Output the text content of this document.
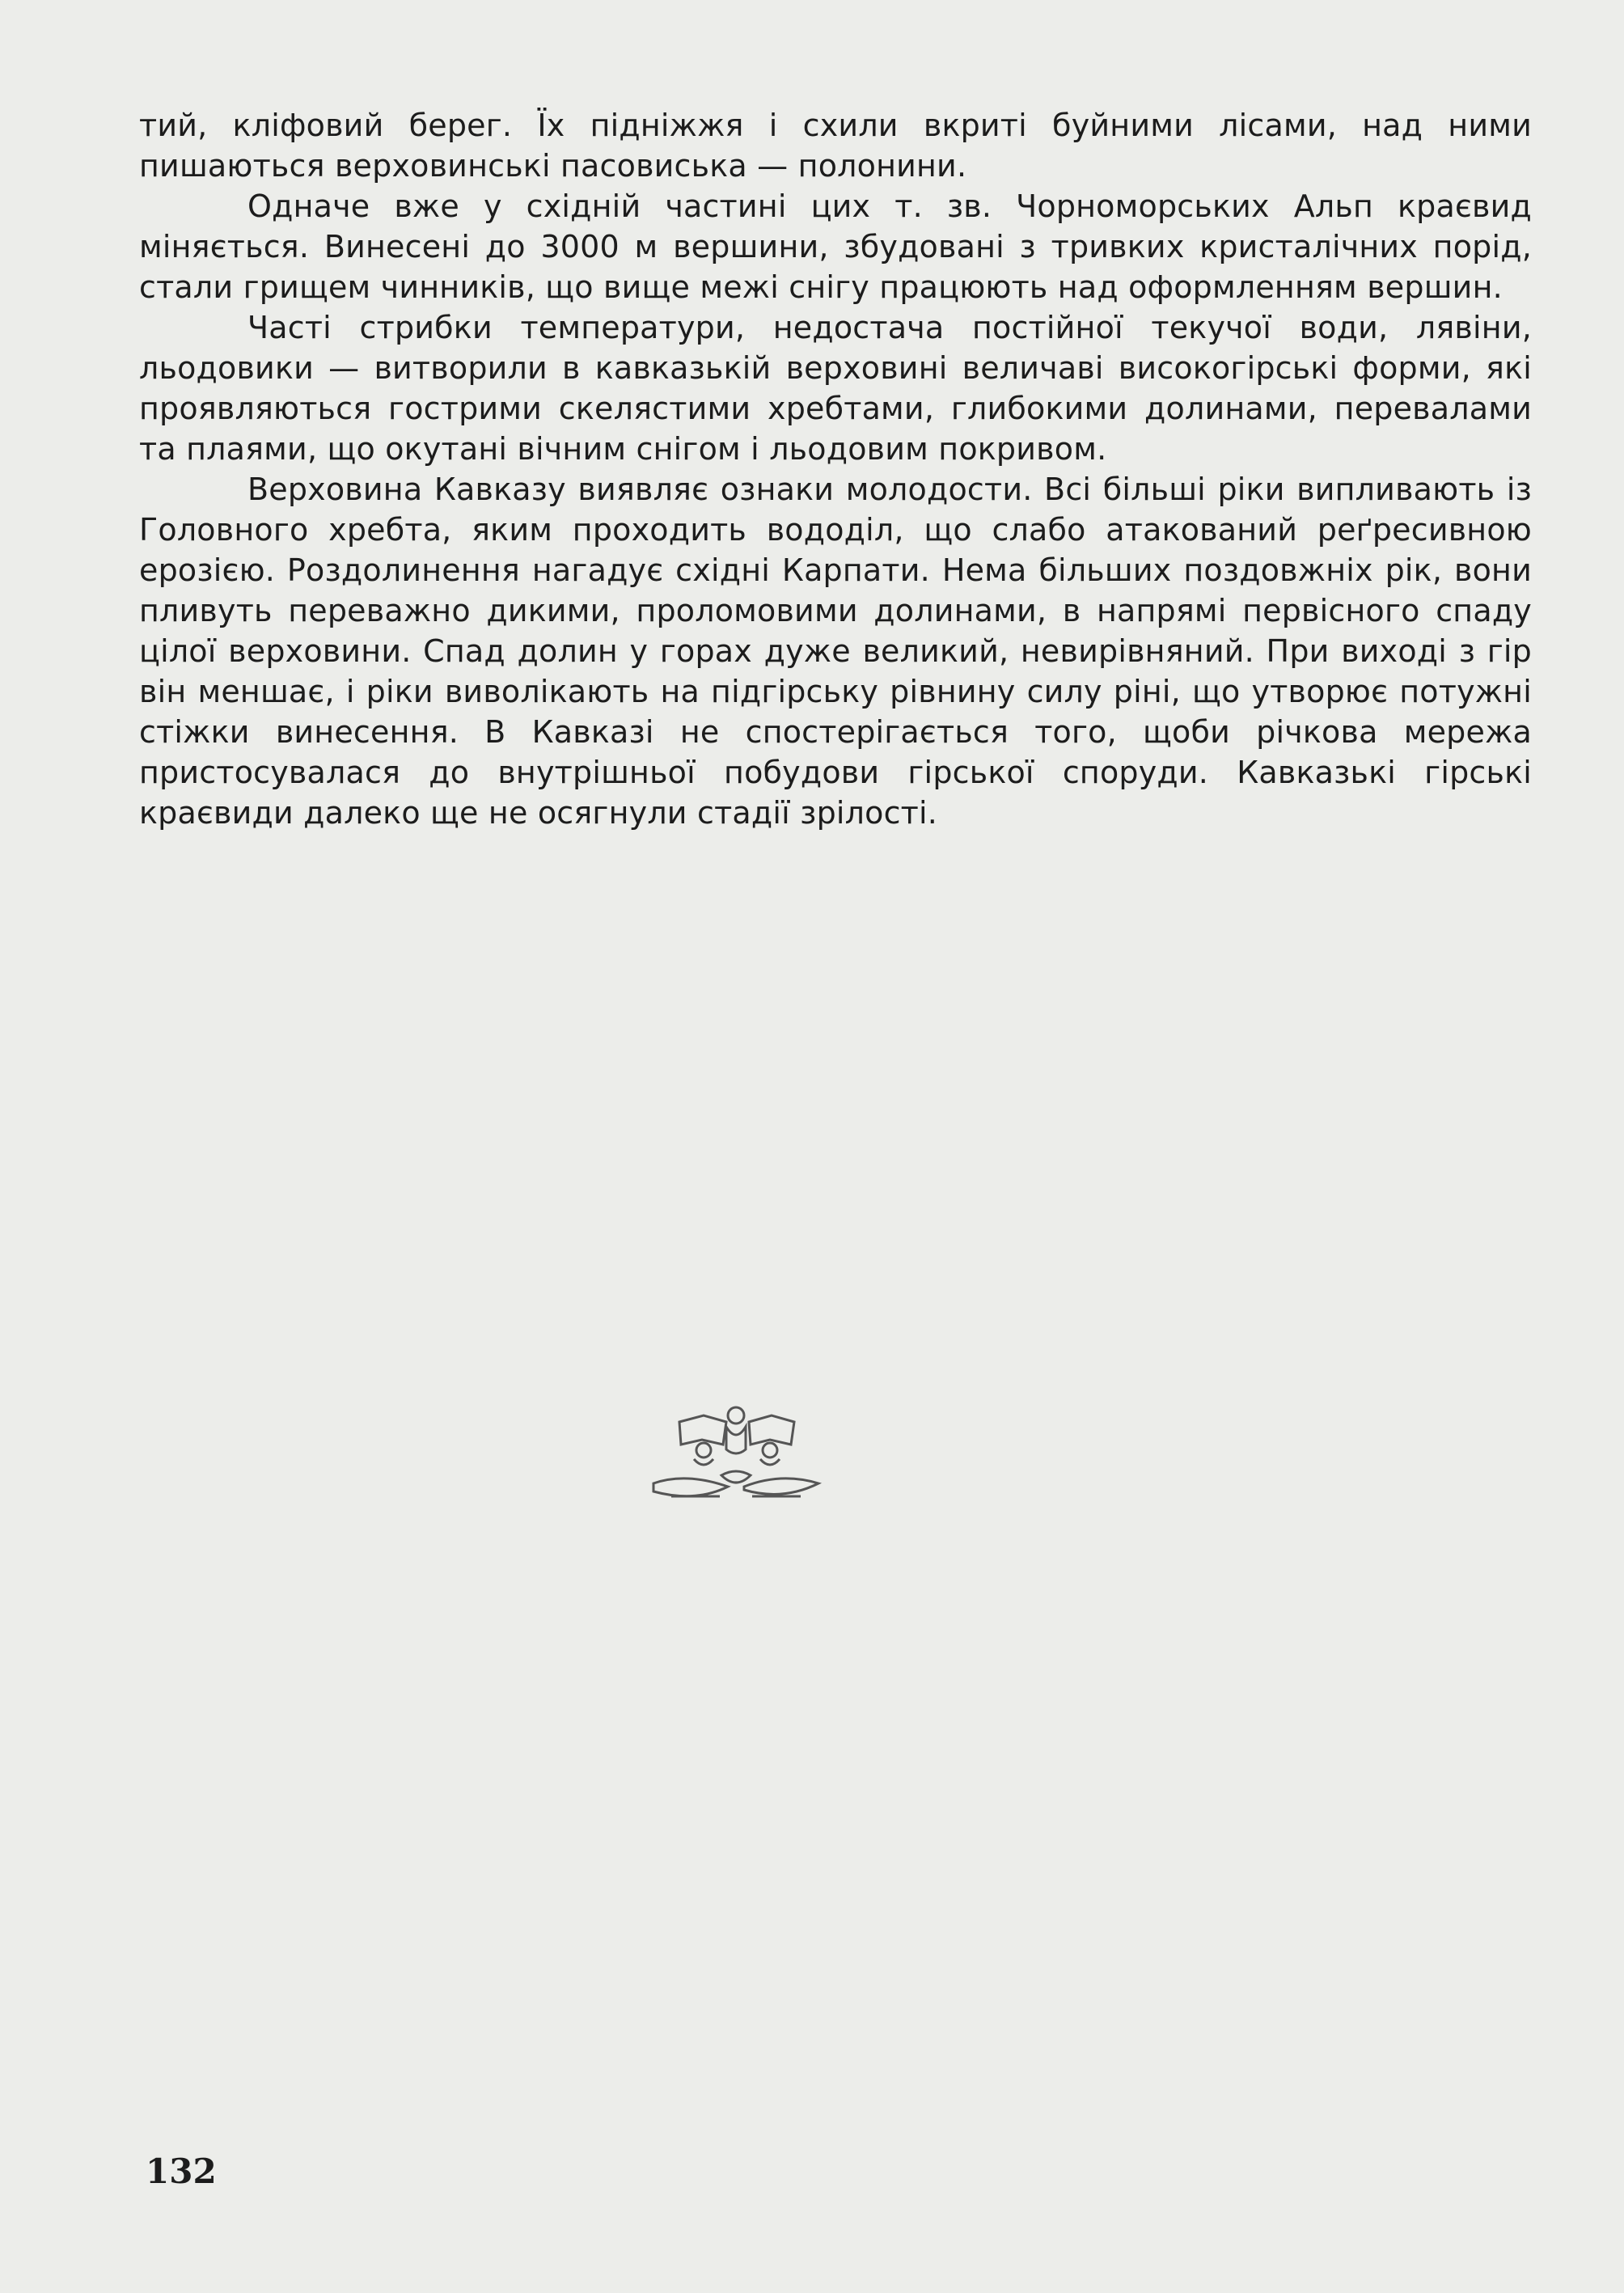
тий, кліфовий берег. Їх підніжжя і схили вкриті буйними лісами, над ними пишаються верховинські пасовиська — полонини.

Одначе вже у східній частині цих т. зв. Чорноморських Альп краєвид міняється. Винесені до 3000 м вершини, збудовані з тривких кристалічних порід, стали грищем чинників, що вище межі снігу працюють над оформленням вершин.

Часті стрибки температури, недостача постійної текучої води, лявіни, льодовики — витворили в кавказькій верховині величаві високогірські форми, які проявляються гострими скелястими хребтами, глибокими долинами, перевалами та плаями, що окутані вічним снігом і льодовим покривом.

Верховина Кавказу виявляє ознаки молодости. Всі більші ріки випливають із Головного хребта, яким проходить вододіл, що слабо атакований реґресивною ерозією. Роздолинення нагадує східні Карпати. Нема більших поздовжніх рік, вони пливуть переважно дикими, проломовими долинами, в напрямі первісного спаду цілої верховини. Спад долин у горах дуже великий, невирівняний. При виході з гір він меншає, і ріки виволікають на підгірську рівнину силу ріні, що утворює потужні стіжки винесення. В Кавказі не спостерігається того, щоби річкова мережа пристосувалася до внутрішньої побудови гірської споруди. Кавказькі гірські краєвиди далеко ще не осягнули стадії зрілості.

132
